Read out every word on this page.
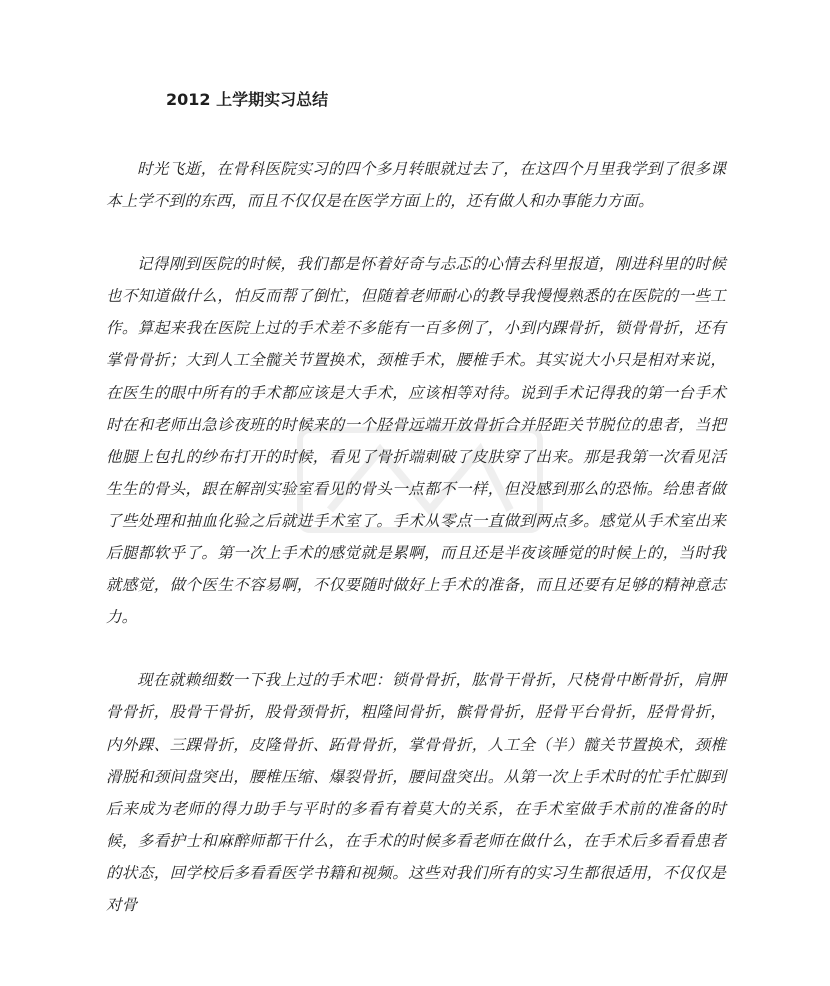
2012 上学期实习总结

时光飞逝，在骨科医院实习的四个多月转眼就过去了，在这四个月里我学到了很多课本上学不到的东西，而且不仅仅是在医学方面上的，还有做人和办事能力方面。

记得刚到医院的时候，我们都是怀着好奇与忐忑的心情去科里报道，刚进科里的时候也不知道做什么，怕反而帮了倒忙，但随着老师耐心的教导我慢慢熟悉的在医院的一些工作。算起来我在医院上过的手术差不多能有一百多例了，小到内踝骨折，锁骨骨折，还有掌骨骨折；大到人工全髋关节置换术，颈椎手术，腰椎手术。其实说大小只是相对来说，在医生的眼中所有的手术都应该是大手术，应该相等对待。说到手术记得我的第一台手术时在和老师出急诊夜班的时候来的一个胫骨远端开放骨折合并胫距关节脱位的患者，当把他腿上包扎的纱布打开的时候，看见了骨折端刺破了皮肤穿了出来。那是我第一次看见活生生的骨头，跟在解剖实验室看见的骨头一点都不一样，但没感到那么的恐怖。给患者做了些处理和抽血化验之后就进手术室了。手术从零点一直做到两点多。感觉从手术室出来后腿都软乎了。第一次上手术的感觉就是累啊，而且还是半夜该睡觉的时候上的，当时我就感觉，做个医生不容易啊，不仅要随时做好上手术的准备，而且还要有足够的精神意志力。

现在就赖细数一下我上过的手术吧：锁骨骨折，肱骨干骨折，尺桡骨中断骨折，肩胛骨骨折，股骨干骨折，股骨颈骨折，粗隆间骨折，髌骨骨折，胫骨平台骨折，胫骨骨折，内外踝、三踝骨折，皮隆骨折、跖骨骨折，掌骨骨折，人工全（半）髋关节置换术，颈椎滑脱和颈间盘突出，腰椎压缩、爆裂骨折，腰间盘突出。从第一次上手术时的忙手忙脚到后来成为老师的得力助手与平时的多看有着莫大的关系，在手术室做手术前的准备的时候，多看护士和麻醉师都干什么，在手术的时候多看老师在做什么，在手术后多看看患者的状态，回学校后多看看医学书籍和视频。这些对我们所有的实习生都很适用，不仅仅是对骨
